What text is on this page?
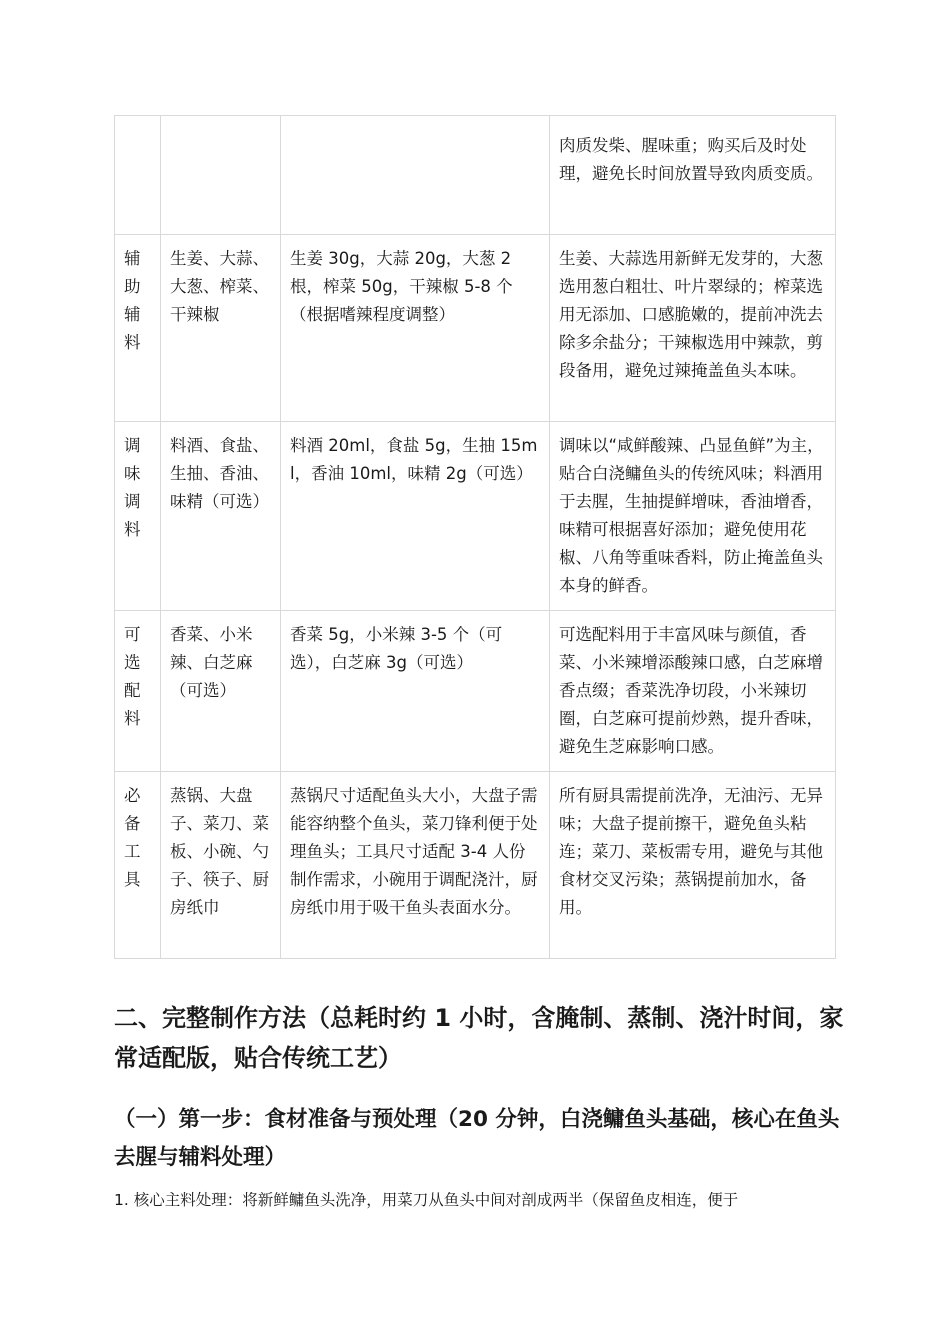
			肉质发柴、腥味重；购买后及时处理，避免长时间放置导致肉质变质。
辅助辅料	生姜、大蒜、大葱、榨菜、干辣椒	生姜 30g，大蒜 20g，大葱 2 根，榨菜 50g，干辣椒 5-8 个（根据嗜辣程度调整）	生姜、大蒜选用新鲜无发芽的，大葱选用葱白粗壮、叶片翠绿的；榨菜选用无添加、口感脆嫩的，提前冲洗去除多余盐分；干辣椒选用中辣款，剪段备用，避免过辣掩盖鱼头本味。
调味调料	料酒、食盐、生抽、香油、味精（可选）	料酒 20ml，食盐 5g，生抽 15ml，香油 10ml，味精 2g（可选）	调味以“咸鲜酸辣、凸显鱼鲜”为主，贴合白浇鳙鱼头的传统风味；料酒用于去腥，生抽提鲜增味，香油增香，味精可根据喜好添加；避免使用花椒、八角等重味香料，防止掩盖鱼头本身的鲜香。
可选配料	香菜、小米辣、白芝麻（可选）	香菜 5g，小米辣 3-5 个（可选），白芝麻 3g（可选）	可选配料用于丰富风味与颜值，香菜、小米辣增添酸辣口感，白芝麻增香点缀；香菜洗净切段，小米辣切圈，白芝麻可提前炒熟，提升香味，避免生芝麻影响口感。
必备工具	蒸锅、大盘子、菜刀、菜板、小碗、勺子、筷子、厨房纸巾	蒸锅尺寸适配鱼头大小，大盘子需能容纳整个鱼头，菜刀锋利便于处理鱼头；工具尺寸适配 3-4 人份制作需求，小碗用于调配浇汁，厨房纸巾用于吸干鱼头表面水分。	所有厨具需提前洗净，无油污、无异味；大盘子提前擦干，避免鱼头粘连；菜刀、菜板需专用，避免与其他食材交叉污染；蒸锅提前加水，备用。
二、完整制作方法（总耗时约 1 小时，含腌制、蒸制、浇汁时间，家常适配版，贴合传统工艺）
（一）第一步：食材准备与预处理（20 分钟，白浇鳙鱼头基础，核心在鱼头去腥与辅料处理）

1. 核心主料处理：将新鲜鳙鱼头洗净，用菜刀从鱼头中间对剖成两半（保留鱼皮相连，便于
